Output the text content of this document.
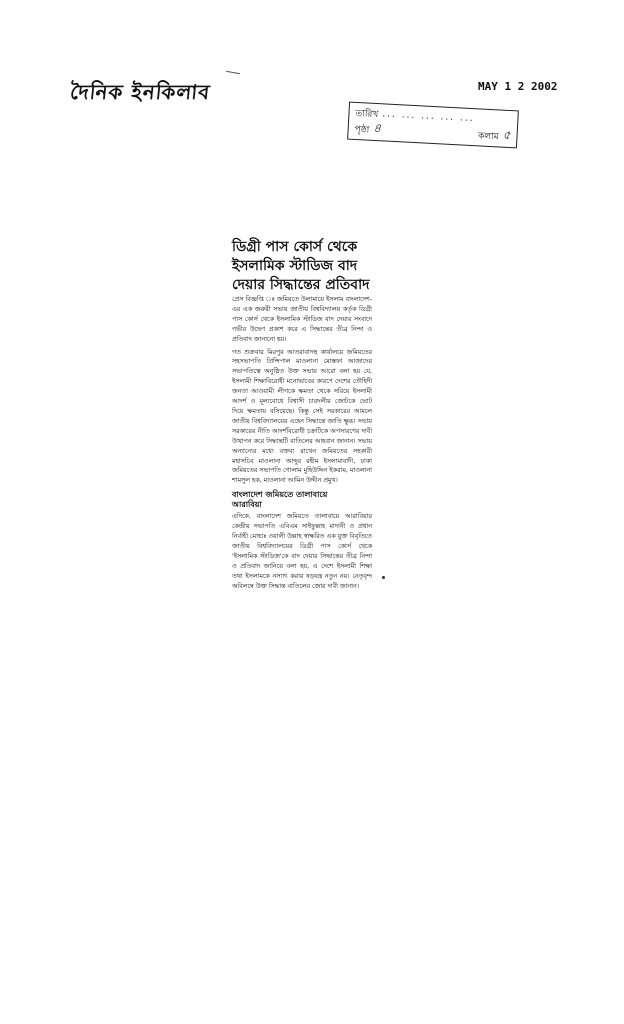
দৈনিক ইনকিলাব	MAY 1 2 2002
তারিখ ... ... ... ... ...
পৃষ্ঠা ৪
কলাম ৫

ডিগ্রী পাস কোর্স থেকে
ইসলামিক স্টাডিজ বাদ
দেয়ার সিদ্ধান্তের প্রতিবাদ

প্রেস বিজ্ঞপ্তি ঃ জমিয়তে উলামায়ে ইসলাম বাংলাদেশ-এর এক জরুরী সভায় জাতীয় বিশ্ববিদ্যালয় কর্তৃক ডিগ্রী পাস কোর্স থেকে ইসলামিক স্টাডিজ বাদ দেয়ার সংবাদে গভীর উদ্বেগ প্রকাশ করে এ সিদ্ধান্তের তীব্র নিন্দা ও প্রতিবাদ জানানো হয়।

গত শুক্রবার মিরপুর আতরাবাদস্থ কার্যালয়ে জমিয়তের সহসভাপতি প্রিন্সিপাল মাওলানা মোস্তফা আজাদের সভাপতিত্বে অনুষ্ঠিত উক্ত সভায় আরো বলা হয় যে, ইসলামী শিক্ষাবিরোধী মনোভাবের কারণে দেশের তৌহিদী জনতা আওয়ামী লীগকে ক্ষমতা থেকে সরিয়ে ইসলামী আদর্শ ও মূল্যবোধে বিশ্বাসী চারদলীয় জোটকে ভোট দিয়ে ক্ষমতায় বসিয়েছে। কিন্তু সেই সরকারের আমলে জাতীয় বিশ্ববিদ্যালয়ের এহেন সিদ্ধান্তে জাতি ক্ষুব্ধ। সভায় সরকারের নীতি আদর্শবিরোধী চক্রটিকে অপসারণের দাবী উত্থাপন করে সিদ্ধান্তটি বাতিলের আহবান জানান। সভায় অন্যান্যের মধ্যে বক্তব্য রাখেন জমিয়তের সহকারী মহাসচিব মাওলানা আব্দুর রহীম ইসলামাবাদী, ঢাকা জমিয়তের সভাপতি গোলাম মুহিউদ্দিন ইকরাম, মাওলানা শামসুল হক, মাওলানা আমিন উদ্দীন প্রমুখ।

বাংলাদেশ জমিয়তে তালাবায়ে
আরাবিয়া

এদিকে, বাংলাদেশ জমিয়তে তালাবায়ে আরাবিয়ার কেন্দ্রীয় সভাপতি এবিএম সাইফুল্লাহ মাদানী ও প্রধান নির্বাহী মোহাঃ ওয়ালী উল্লাহ স্বাক্ষরিত এক যুক্ত বিবৃতিতে জাতীয় বিশ্ববিদ্যালয়ের ডিগ্রী পাস কোর্স থেকে 'ইসলামিক স্টাডিজ'কে বাদ দেয়ার সিদ্ধান্তের তীব্র নিন্দা ও প্রতিবাদ জানিয়ে বলা হয়, এ দেশে ইসলামী শিক্ষা তথা ইসলামকে নস্যাৎ করার ষড়যন্ত্র নতুন নয়। নেতৃবৃন্দ অবিলম্বে উক্ত সিদ্ধান্ত বাতিলের জোর দাবী জানান।
